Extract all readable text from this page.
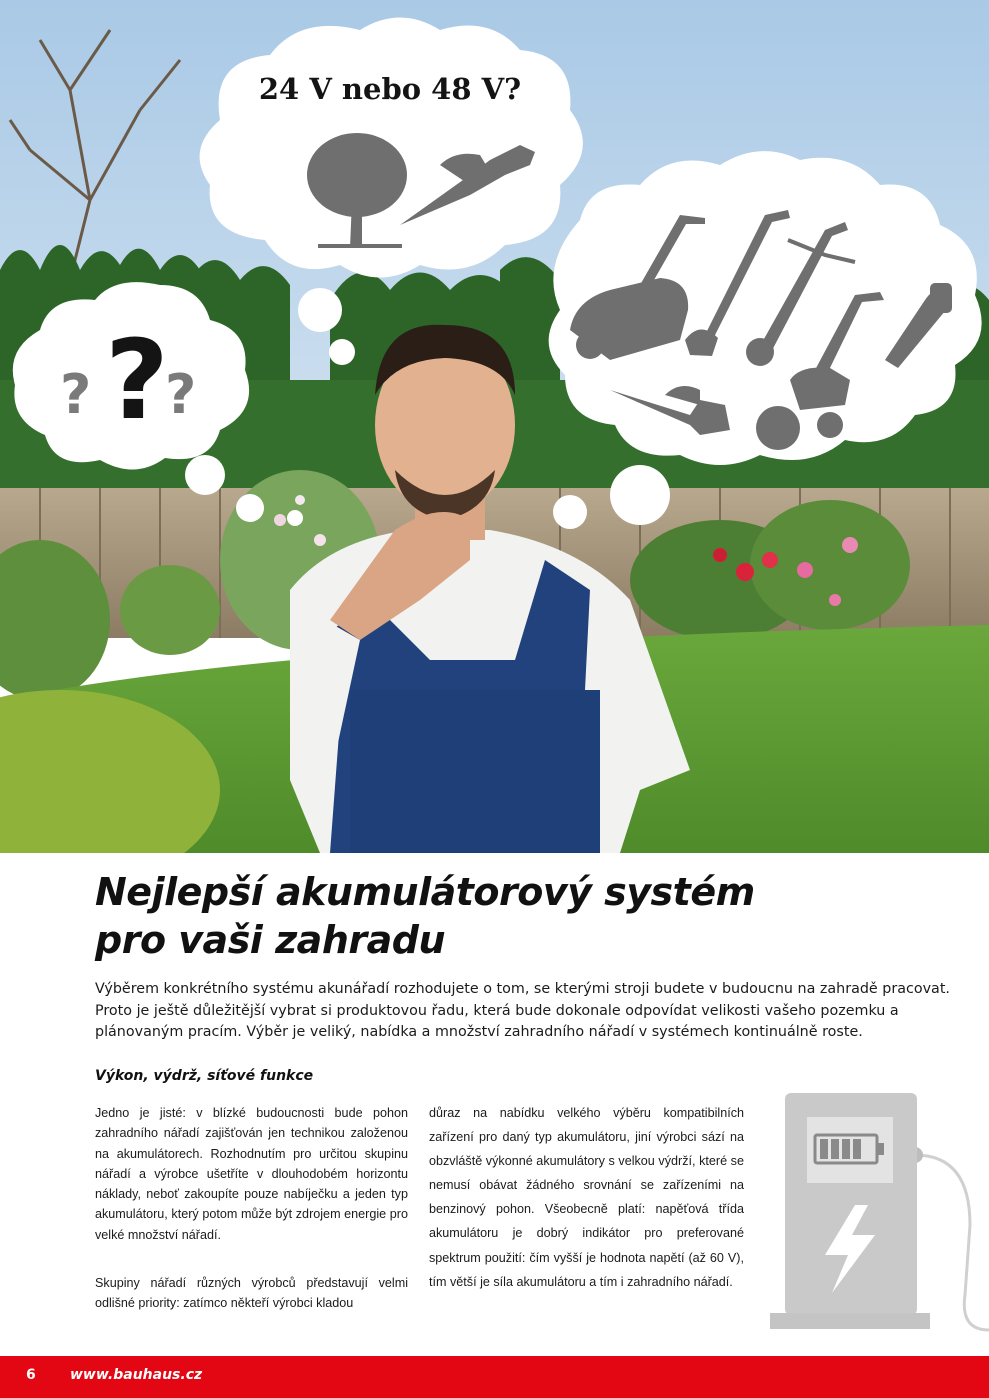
? ?
?
24 V nebo 48 V?
Nejlepší akumulátorový systém
pro vaši zahradu

Výběrem konkrétního systému akunářadí rozhodujete o tom, se kterými stroji budete v budoucnu na zahradě pracovat. Proto je ještě důležitější vybrat si produktovou řadu, která bude dokonale odpovídat velikosti vašeho pozemku a plánovaným pracím. Výběr je veliký, nabídka a množství zahradního nářadí v systémech kontinuálně roste.

Výkon, výdrž, síťové funkce

Jedno je jisté: v blízké budoucnosti bude pohon zahradního nářadí zajišťován jen technikou založenou na akumulátorech. Rozhodnutím pro určitou skupinu nářadí a výrobce ušetříte v dlouhodobém horizontu náklady, neboť zakoupíte pouze nabíječku a jeden typ akumulátoru, který potom může být zdrojem energie pro velké množství nářadí.

Skupiny nářadí různých výrobců představují velmi odlišné priority: zatímco někteří výrobci kladou

důraz na nabídku velkého výběru kompatibilních zařízení pro daný typ akumulátoru, jiní výrobci sází na obzvláště výkonné akumulátory s velkou výdrží, které se nemusí obávat žádného srovnání se zařízeními na benzinový pohon. Všeobecně platí: napěťová třída akumulátoru je dobrý indikátor pro preferované spektrum použití: čím vyšší je hodnota napětí (až 60 V), tím větší je síla akumulátoru a tím i zahradního nářadí.

6 www.bauhaus.cz
